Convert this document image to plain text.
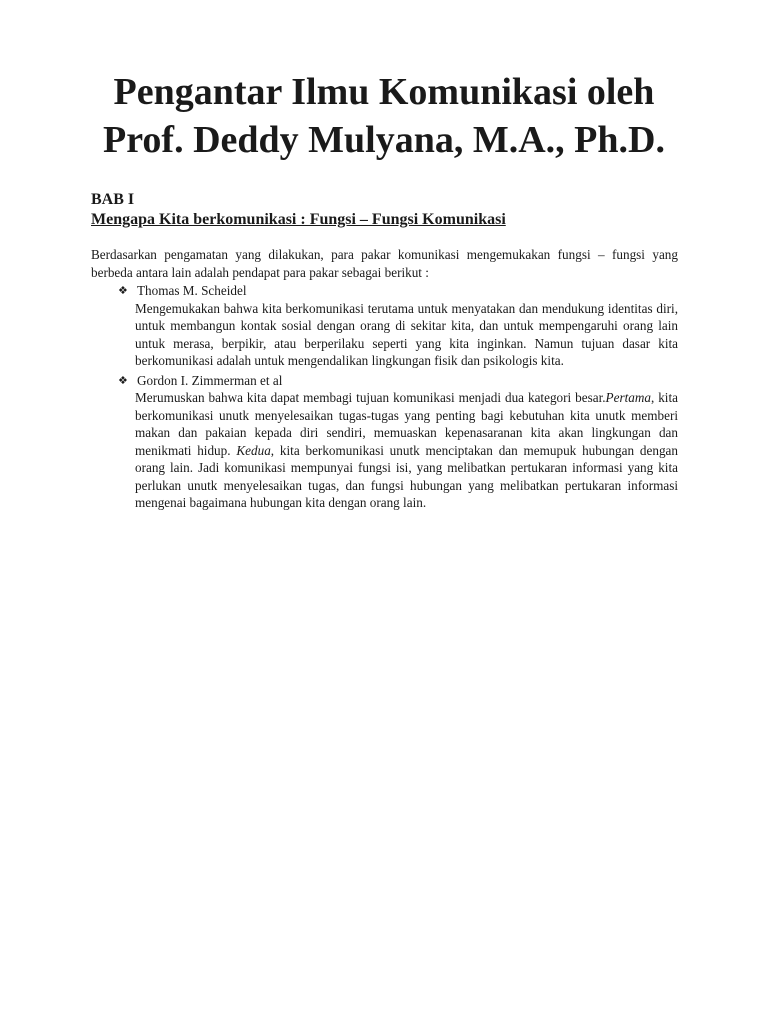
Pengantar Ilmu Komunikasi oleh
Prof. Deddy Mulyana, M.A., Ph.D.
BAB I
Mengapa Kita berkomunikasi : Fungsi – Fungsi Komunikasi

Berdasarkan pengamatan yang dilakukan, para pakar komunikasi mengemukakan fungsi – fungsi yang berbeda antara lain adalah pendapat para pakar sebagai berikut :

❖ Thomas M. Scheidel

Mengemukakan bahwa kita berkomunikasi terutama untuk menyatakan dan mendukung identitas diri, untuk membangun kontak sosial dengan orang di sekitar kita, dan untuk mempengaruhi orang lain untuk merasa, berpikir, atau berperilaku seperti yang kita inginkan. Namun tujuan dasar kita berkomunikasi adalah untuk mengendalikan lingkungan fisik dan psikologis kita.

❖ Gordon I. Zimmerman et al

Merumuskan bahwa kita dapat membagi tujuan komunikasi menjadi dua kategori besar.Pertama, kita berkomunikasi unutk menyelesaikan tugas-tugas yang penting bagi kebutuhan kita unutk memberi makan dan pakaian kepada diri sendiri, memuaskan kepenasaranan kita akan lingkungan dan menikmati hidup. Kedua, kita berkomunikasi unutk menciptakan dan memupuk hubungan dengan orang lain. Jadi komunikasi mempunyai fungsi isi, yang melibatkan pertukaran informasi yang kita perlukan unutk menyelesaikan tugas, dan fungsi hubungan yang melibatkan pertukaran informasi mengenai bagaimana hubungan kita dengan orang lain.
